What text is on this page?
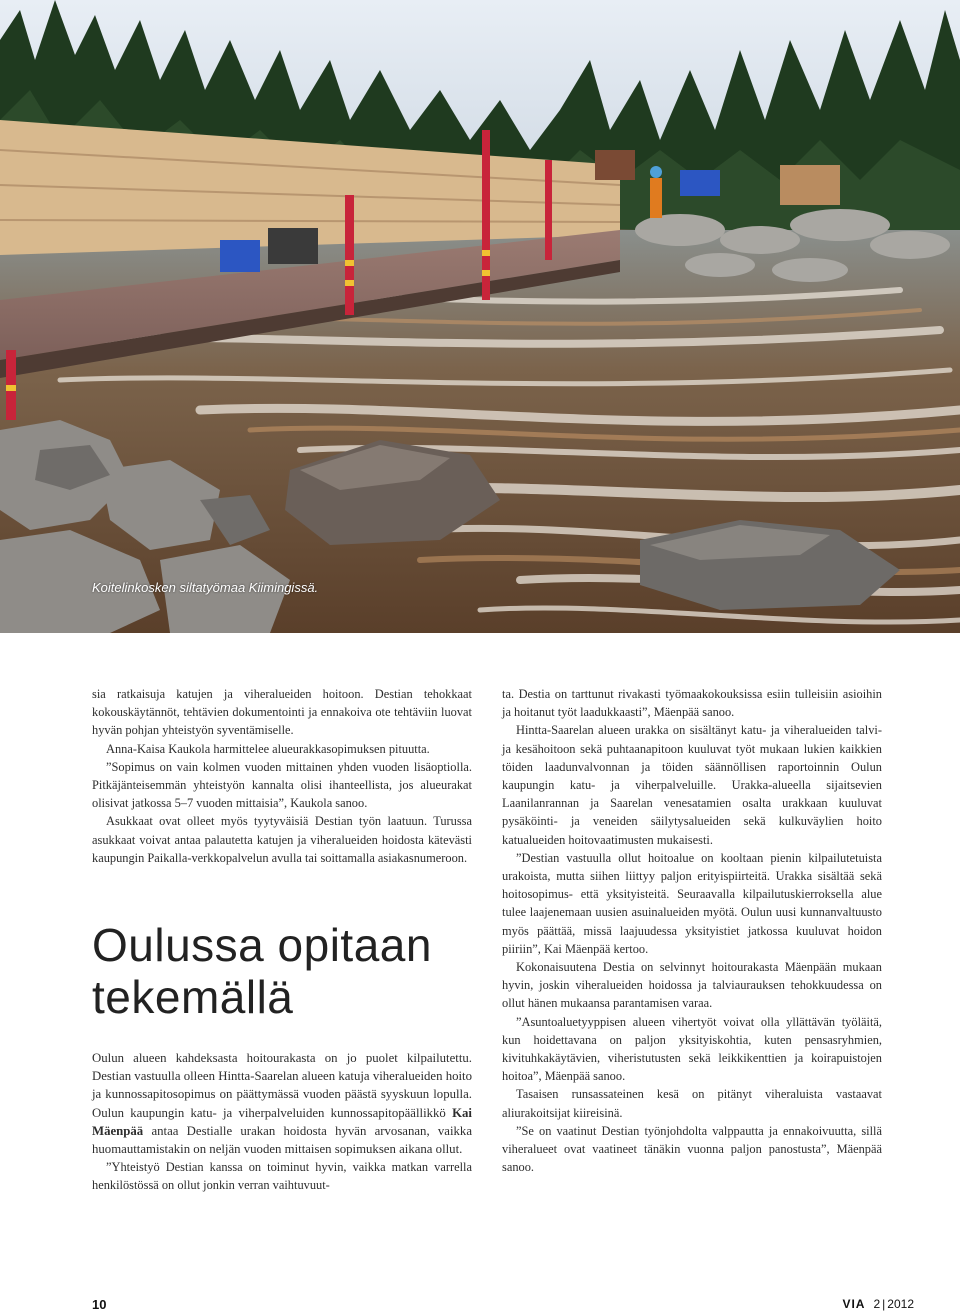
Koitelinkosken siltatyömaa Kiimingissä.

sia ratkaisuja katujen ja viheralueiden hoitoon. Destian tehokkaat kokouskäytännöt, tehtävien dokumentointi ja ennakoiva ote tehtäviin luovat hyvän pohjan yhteistyön syventämiselle.

Anna-Kaisa Kaukola harmittelee alueurakkasopimuksen pituutta.

”Sopimus on vain kolmen vuoden mittainen yhden vuoden lisäoptiolla. Pitkäjänteisemmän yhteistyön kannalta olisi ihanteellista, jos alueurakat olisivat jatkossa 5–7 vuoden mittaisia”, Kaukola sanoo.

Asukkaat ovat olleet myös tyytyväisiä Destian työn laatuun. Turussa asukkaat voivat antaa palautetta katujen ja viheralueiden hoidosta kätevästi kaupungin Paikalla-verkkopalvelun avulla tai soittamalla asiakasnumeroon.

Oulussa opitaan tekemällä

Oulun alueen kahdeksasta hoitourakasta on jo puolet kilpailutettu. Destian vastuulla olleen Hintta-Saarelan alueen katuja viheralueiden hoito ja kunnossapitosopimus on päättymässä vuoden päästä syyskuun lopulla. Oulun kaupungin katu- ja viherpalveluiden kunnossapitopäällikkö Kai Mäenpää antaa Destialle urakan hoidosta hyvän arvosanan, vaikka huomauttamistakin on neljän vuoden mittaisen sopimuksen aikana ollut.

”Yhteistyö Destian kanssa on toiminut hyvin, vaikka matkan varrella henkilöstössä on ollut jonkin verran vaihtuvuut-

ta. Destia on tarttunut rivakasti työmaakokouksissa esiin tulleisiin asioihin ja hoitanut työt laadukkaasti”, Mäenpää sanoo.

Hintta-Saarelan alueen urakka on sisältänyt katu- ja viheralueiden talvi- ja kesähoitoon sekä puhtaanapitoon kuuluvat työt mukaan lukien kaikkien töiden laadunvalvonnan ja töiden säännöllisen raportoinnin Oulun kaupungin katu- ja viherpalveluille. Urakka-alueella sijaitsevien Laanilanrannan ja Saarelan venesatamien osalta urakkaan kuuluvat pysäköinti- ja veneiden säilytysalueiden sekä kulkuväylien hoito katualueiden hoitovaatimusten mukaisesti.

”Destian vastuulla ollut hoitoalue on kooltaan pienin kilpailutetuista urakoista, mutta siihen liittyy paljon erityispiirteitä. Urakka sisältää sekä hoitosopimus- että yksityisteitä. Seuraavalla kilpailutuskierroksella alue tulee laajenemaan uusien asuinalueiden myötä. Oulun uusi kunnanvaltuusto myös päättää, missä laajuudessa yksityistiet jatkossa kuuluvat hoidon piiriin”, Kai Mäenpää kertoo.

Kokonaisuutena Destia on selvinnyt hoitourakasta Mäenpään mukaan hyvin, joskin viheralueiden hoidossa ja talviaurauksen tehokkuudessa on ollut hänen mukaansa parantamisen varaa.

”Asuntoaluetyyppisen alueen vihertyöt voivat olla yllättävän työläitä, kun hoidettavana on paljon yksityiskohtia, kuten pensasryhmien, kivituhkakäytävien, viheristutusten sekä leikkikenttien ja koirapuistojen hoitoa”, Mäenpää sanoo.

Tasaisen runsassateinen kesä on pitänyt viheraluista vastaavat aliurakoitsijat kiireisinä.

”Se on vaatinut Destian työnjohdolta valppautta ja ennakoivuutta, sillä viheralueet ovat vaatineet tänäkin vuonna paljon panostusta”, Mäenpää sanoo.

10	VIA 2 | 2012
